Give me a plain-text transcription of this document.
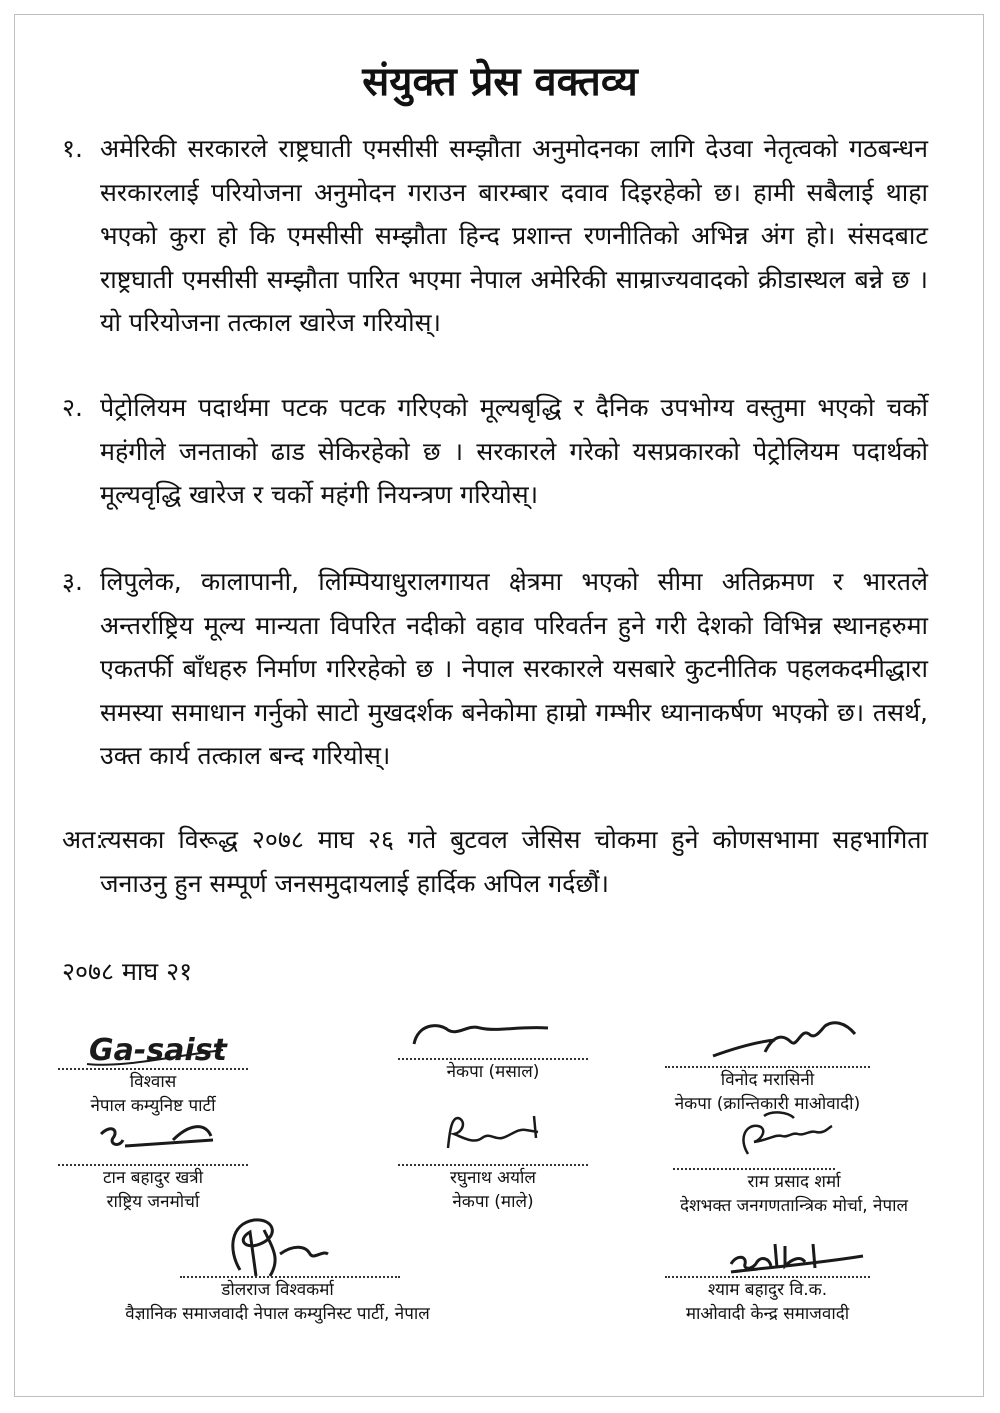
संयुक्त प्रेस वक्तव्य
१. अमेरिकी सरकारले राष्ट्रघाती एमसीसी सम्झौता अनुमोदनका लागि देउवा नेतृत्वको गठबन्धन सरकारलाई परियोजना अनुमोदन गराउन बारम्बार दवाव दिइरहेको छ। हामी सबैलाई थाहा भएको कुरा हो कि एमसीसी सम्झौता हिन्द प्रशान्त रणनीतिको अभिन्न अंग हो। संसदबाट राष्ट्रघाती एमसीसी सम्झौता पारित भएमा नेपाल अमेरिकी साम्राज्यवादको क्रीडास्थल बन्ने छ । यो परियोजना तत्काल खारेज गरियोस्।
२. पेट्रोलियम पदार्थमा पटक पटक गरिएको मूल्यबृद्धि र दैनिक उपभोग्य वस्तुमा भएको चर्को महंगीले जनताको ढाड सेकिरहेको छ । सरकारले गरेको यसप्रकारको पेट्रोलियम पदार्थको मूल्यवृद्धि खारेज र चर्को महंगी नियन्त्रण गरियोस्।
३. लिपुलेक, कालापानी, लिम्पियाधुरालगायत क्षेत्रमा भएको सीमा अतिक्रमण र भारतले अन्तर्राष्ट्रिय मूल्य मान्यता विपरित नदीको वहाव परिवर्तन हुने गरी देशको विभिन्न स्थानहरुमा एकतर्फी बाँधहरु निर्माण गरिरहेको छ । नेपाल सरकारले यसबारे कुटनीतिक पहलकदमीद्धारा समस्या समाधान गर्नुको साटो मुखदर्शक बनेकोमा हाम्रो गम्भीर ध्यानाकर्षण भएको छ। तसर्थ, उक्त कार्य तत्काल बन्द गरियोस्।
अत:
त्यसका विरूद्ध २०७८ माघ २६ गते बुटवल जेसिस चोकमा हुने कोणसभामा सहभागिता जनाउनु हुन सम्पूर्ण जनसमुदायलाई हार्दिक अपिल गर्दछौं।
२०७८ माघ २१
Ga-saist
विश्वास
नेपाल कम्युनिष्ट पार्टी
नेकपा (मसाल)	विनोद मरासिनी
नेकपा (क्रान्तिकारी माओवादी)
टान बहादुर खत्री
राष्ट्रिय जनमोर्चा
रघुनाथ अर्याल
नेकपा (माले)
राम प्रसाद शर्मा
देशभक्त जनगणतान्त्रिक मोर्चा, नेपाल
डोलराज विश्वकर्मा
वैज्ञानिक समाजवादी नेपाल कम्युनिस्ट पार्टी, नेपाल
श्याम बहादुर वि.क.
माओवादी केन्द्र समाजवादी
